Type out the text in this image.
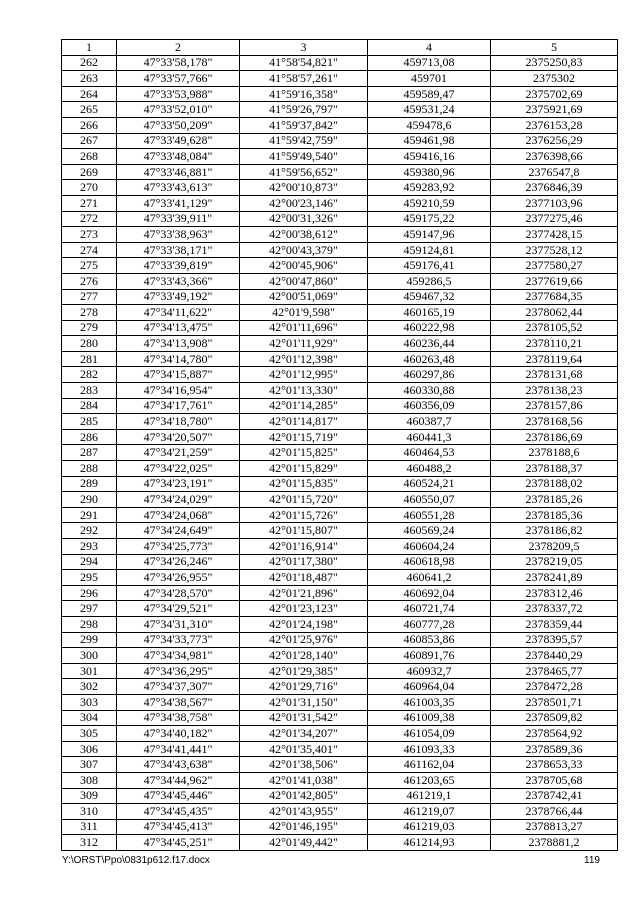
1	2	3	4	5
262	47°33'58,178"	41°58'54,821"	459713,08	2375250,83
263	47°33'57,766"	41°58'57,261"	459701	2375302
264	47°33'53,988"	41°59'16,358"	459589,47	2375702,69
265	47°33'52,010"	41°59'26,797"	459531,24	2375921,69
266	47°33'50,209"	41°59'37,842"	459478,6	2376153,28
267	47°33'49,628"	41°59'42,759"	459461,98	2376256,29
268	47°33'48,084"	41°59'49,540"	459416,16	2376398,66
269	47°33'46,881"	41°59'56,652"	459380,96	2376547,8
270	47°33'43,613"	42°00'10,873"	459283,92	2376846,39
271	47°33'41,129"	42°00'23,146"	459210,59	2377103,96
272	47°33'39,911"	42°00'31,326"	459175,22	2377275,46
273	47°33'38,963"	42°00'38,612"	459147,96	2377428,15
274	47°33'38,171"	42°00'43,379"	459124,81	2377528,12
275	47°33'39,819"	42°00'45,906"	459176,41	2377580,27
276	47°33'43,366"	42°00'47,860"	459286,5	2377619,66
277	47°33'49,192"	42°00'51,069"	459467,32	2377684,35
278	47°34'11,622"	42°01'9,598"	460165,19	2378062,44
279	47°34'13,475"	42°01'11,696"	460222,98	2378105,52
280	47°34'13,908"	42°01'11,929"	460236,44	2378110,21
281	47°34'14,780"	42°01'12,398"	460263,48	2378119,64
282	47°34'15,887"	42°01'12,995"	460297,86	2378131,68
283	47°34'16,954"	42°01'13,330"	460330,88	2378138,23
284	47°34'17,761"	42°01'14,285"	460356,09	2378157,86
285	47°34'18,780"	42°01'14,817"	460387,7	2378168,56
286	47°34'20,507"	42°01'15,719"	460441,3	2378186,69
287	47°34'21,259"	42°01'15,825"	460464,53	2378188,6
288	47°34'22,025"	42°01'15,829"	460488,2	2378188,37
289	47°34'23,191"	42°01'15,835"	460524,21	2378188,02
290	47°34'24,029"	42°01'15,720"	460550,07	2378185,26
291	47°34'24,068"	42°01'15,726"	460551,28	2378185,36
292	47°34'24,649"	42°01'15,807"	460569,24	2378186,82
293	47°34'25,773"	42°01'16,914"	460604,24	2378209,5
294	47°34'26,246"	42°01'17,380"	460618,98	2378219,05
295	47°34'26,955"	42°01'18,487"	460641,2	2378241,89
296	47°34'28,570"	42°01'21,896"	460692,04	2378312,46
297	47°34'29,521"	42°01'23,123"	460721,74	2378337,72
298	47°34'31,310"	42°01'24,198"	460777,28	2378359,44
299	47°34'33,773"	42°01'25,976"	460853,86	2378395,57
300	47°34'34,981"	42°01'28,140"	460891,76	2378440,29
301	47°34'36,295"	42°01'29,385"	460932,7	2378465,77
302	47°34'37,307"	42°01'29,716"	460964,04	2378472,28
303	47°34'38,567"	42°01'31,150"	461003,35	2378501,71
304	47°34'38,758"	42°01'31,542"	461009,38	2378509,82
305	47°34'40,182"	42°01'34,207"	461054,09	2378564,92
306	47°34'41,441"	42°01'35,401"	461093,33	2378589,36
307	47°34'43,638"	42°01'38,506"	461162,04	2378653,33
308	47°34'44,962"	42°01'41,038"	461203,65	2378705,68
309	47°34'45,446"	42°01'42,805"	461219,1	2378742,41
310	47°34'45,435"	42°01'43,955"	461219,07	2378766,44
311	47°34'45,413"	42°01'46,195"	461219,03	2378813,27
312	47°34'45,251"	42°01'49,442"	461214,93	2378881,2
Y:\ORST\Ppo\0831p612.f17.docx	119
